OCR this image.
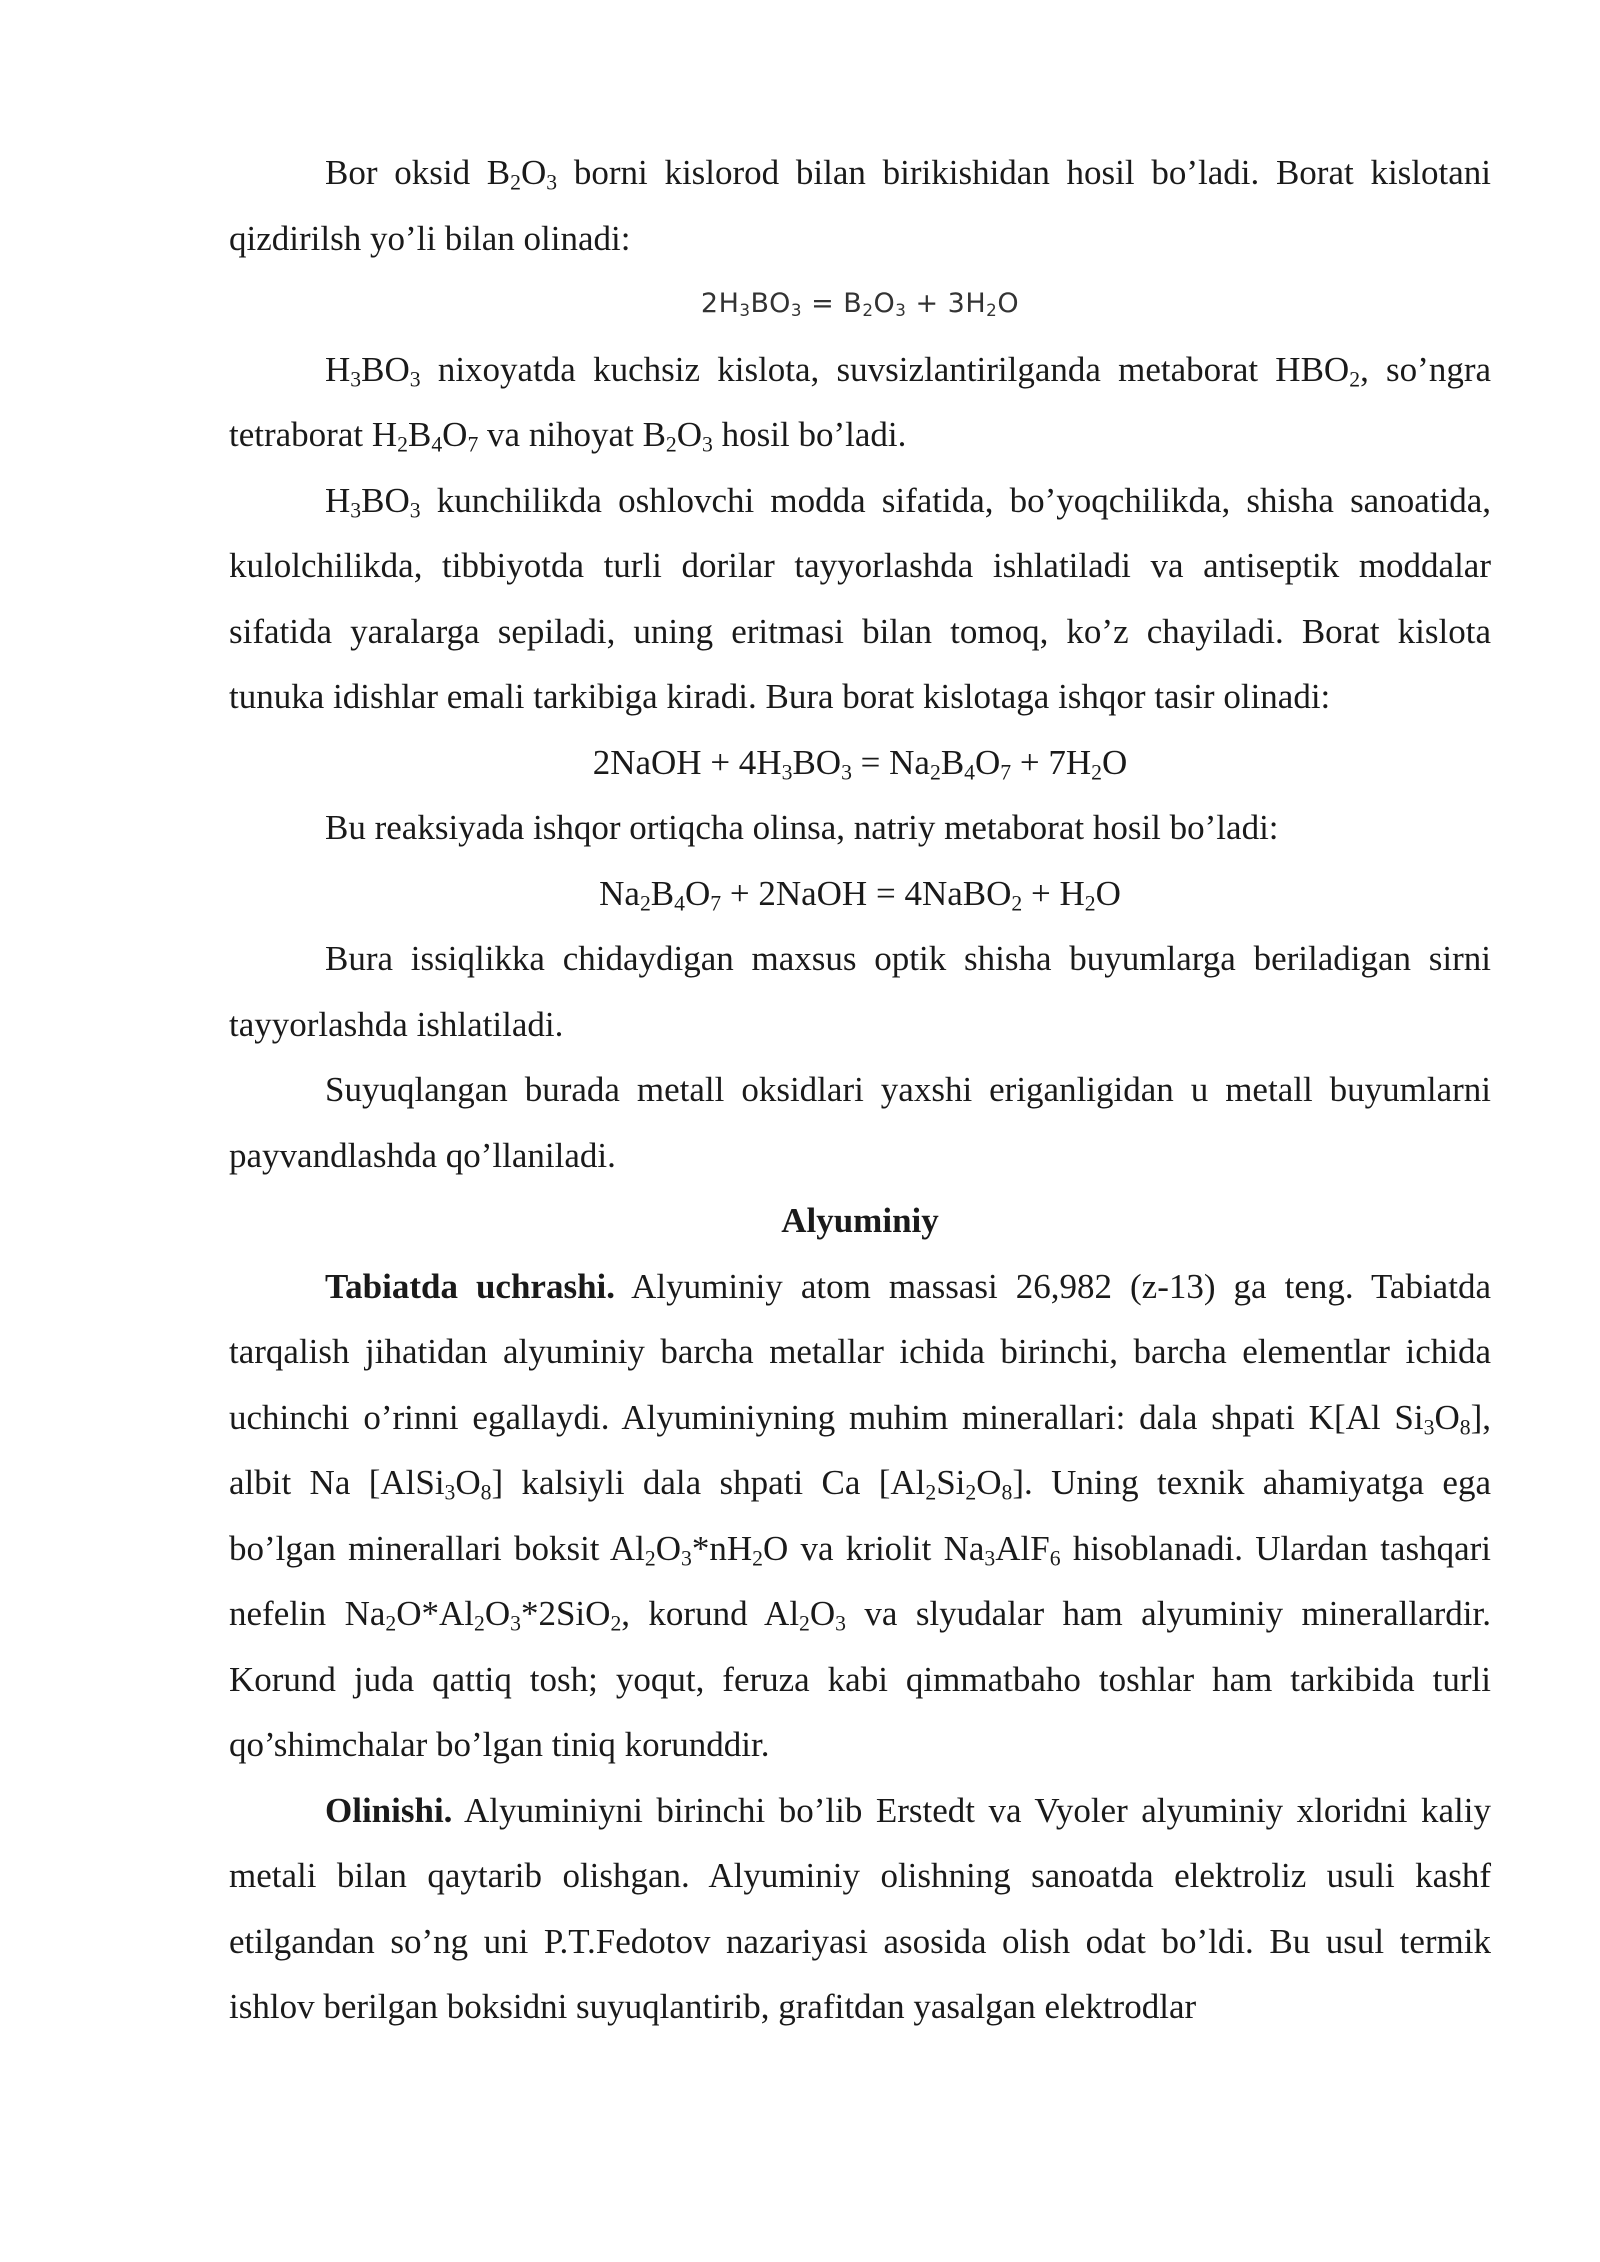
Bor oksid $B_2O_3$ borni kislorod bilan birikishidan hosil bo’ladi. Borat kislotani qizdirilsh yo’li bilan olinadi:

$2H_3BO_3 = B_2O_3 + 3H_2O$

$H_3BO_3$ nixoyatda kuchsiz kislota, suvsizlantirilganda metaborat $HBO_2$, so’ngra tetraborat $H_2B_4O_7$ va nihoyat $B_2O_3$ hosil bo’ladi.

$H_3BO_3$ kunchilikda oshlovchi modda sifatida, bo’yoqchilikda, shisha sanoatida, kulolchilikda, tibbiyotda turli dorilar tayyorlashda ishlatiladi va antiseptik moddalar sifatida yaralarga sepiladi, uning eritmasi bilan tomoq, ko’z chayiladi. Borat kislota tunuka idishlar emali tarkibiga kiradi. Bura borat kislotaga ishqor tasir olinadi:

2NaOH + $4H_3BO_3 = Na_2B_4O_7 + 7H_2O$

Bu reaksiyada ishqor ortiqcha olinsa, natriy metaborat hosil bo’ladi:

$Na_2B_4O_7$ + 2NaOH = 4NaBO$_2$ + $H_2O$

Bura issiqlikka chidaydigan maxsus optik shisha buyumlarga beriladigan sirni tayyorlashda ishlatiladi.

Suyuqlangan burada metall oksidlari yaxshi eriganligidan u metall buyumlarni payvandlashda qo’llaniladi.

Alyuminiy

Tabiatda uchrashi. Alyuminiy atom massasi 26,982 (z-13) ga teng. Tabiatda tarqalish jihatidan alyuminiy barcha metallar ichida birinchi, barcha elementlar ichida uchinchi o’rinni egallaydi. Alyuminiyning muhim minerallari: dala shpati K[Al $Si_3O_8$], albit Na $[AlSi_3O_8]$ kalsiyli dala shpati Ca $[Al_2Si_2O_8]$. Uning texnik ahamiyatga ega bo’lgan minerallari boksit $Al_2O_3*nH_2O$ va kriolit $Na_3AlF_6$ hisoblanadi. Ulardan tashqari nefelin $Na_2O*Al_2O_3*2SiO_2$, korund $Al_2O_3$ va slyudalar ham alyuminiy minerallardir. Korund juda qattiq tosh; yoqut, feruza kabi qimmatbaho toshlar ham tarkibida turli qo’shimchalar bo’lgan tiniq korunddir.

Olinishi. Alyuminiyni birinchi bo’lib Erstedt va Vyoler alyuminiy xloridni kaliy metali bilan qaytarib olishgan. Alyuminiy olishning sanoatda elektroliz usuli kashf etilgandan so’ng uni P.T.Fedotov nazariyasi asosida olish odat bo’ldi. Bu usul termik ishlov berilgan boksidni suyuqlantirib, grafitdan yasalgan elektrodlar
